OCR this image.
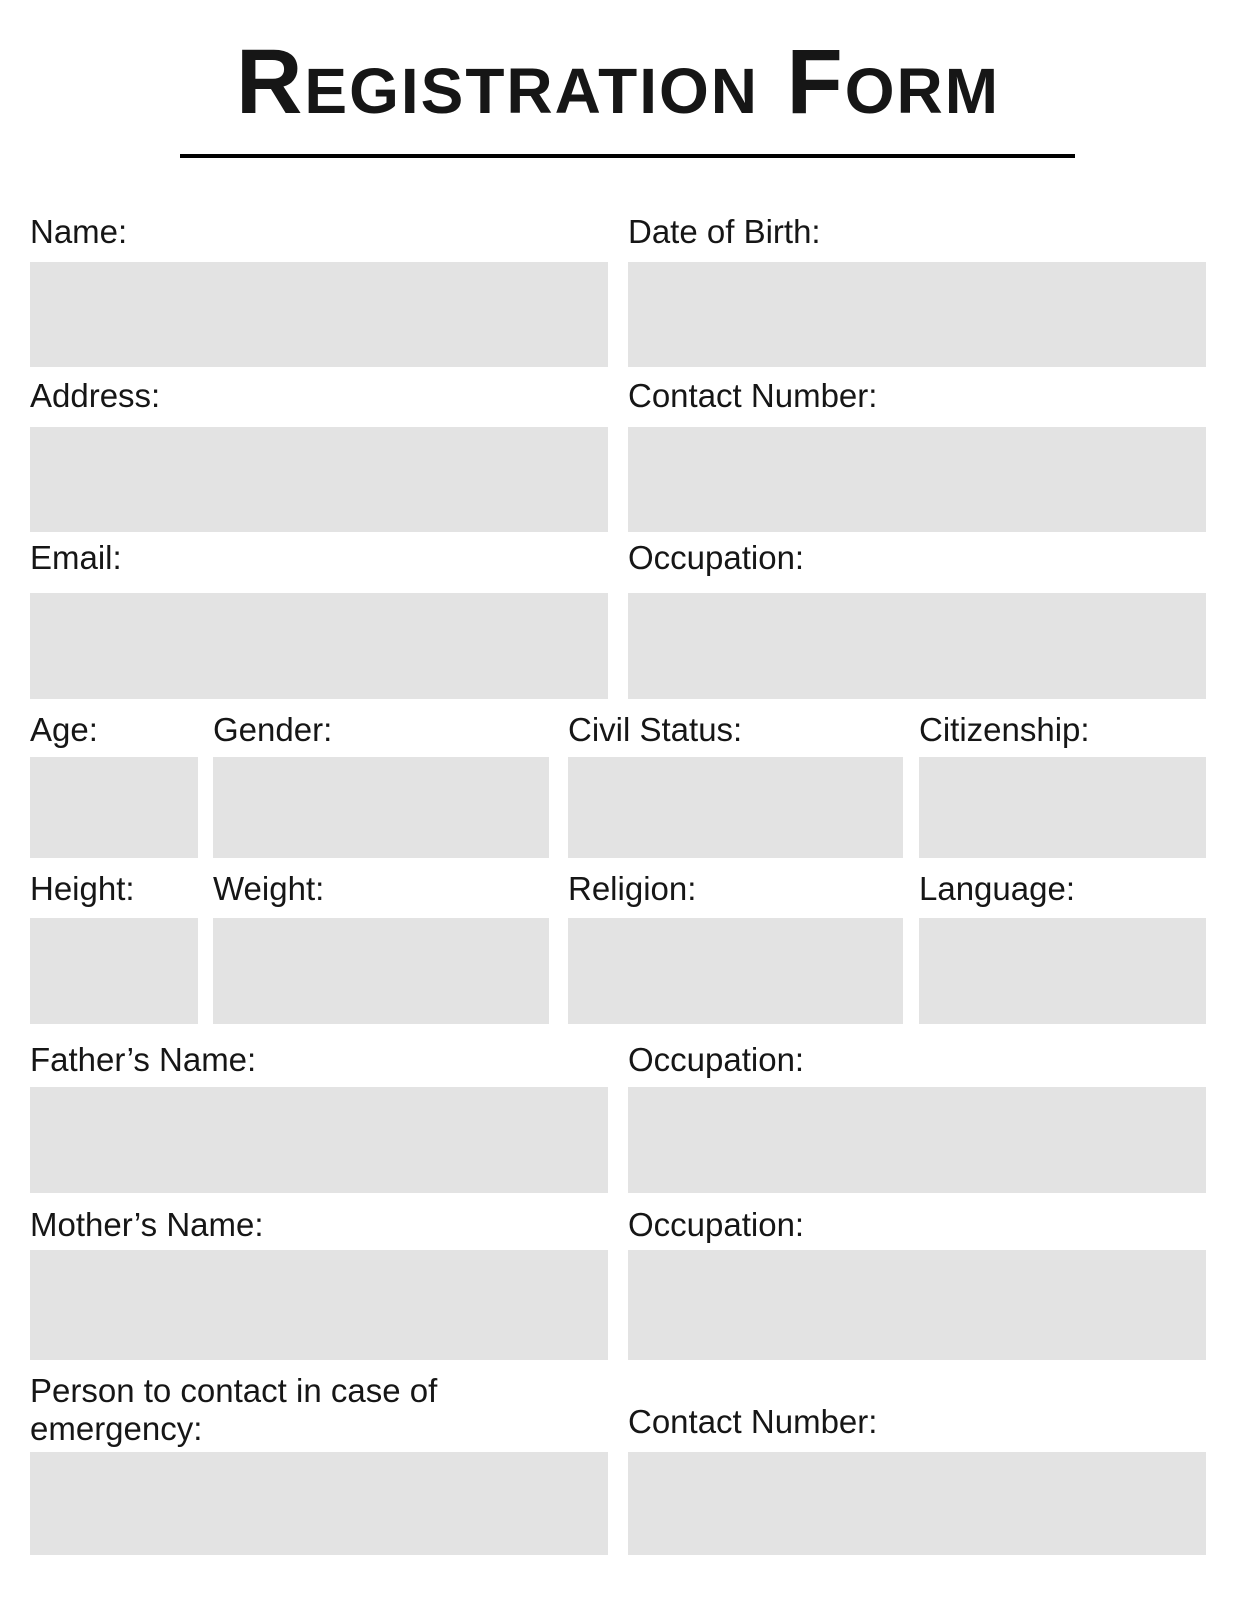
Registration Form
Name:	Date of Birth:
Address:	Contact Number:
Email:	Occupation:
Age:	Gender:	Civil Status:	Citizenship:
Height: Weight:	Religion:	Language:
Father’s Name:	Occupation:
Mother’s Name:	Occupation:
Person to contact in case of emergency:	Contact Number:
